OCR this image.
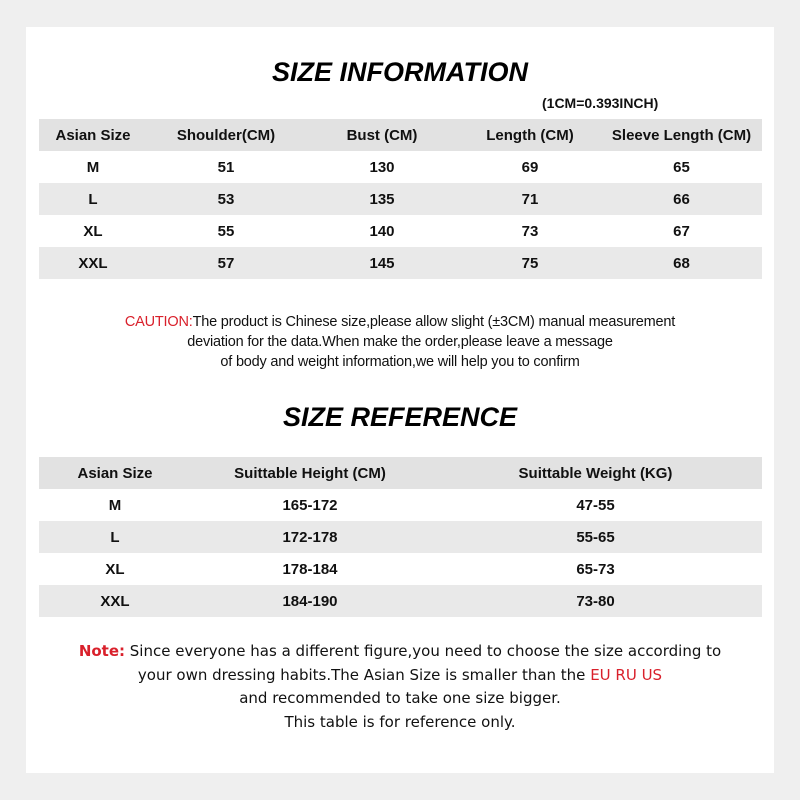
SIZE INFORMATION
(1CM=0.393INCH)
Asian Size	Shoulder(CM)	Bust (CM)	Length (CM)	Sleeve Length (CM)
M	51	130	69	65
L	53	135	71	66
XL	55	140	73	67
XXL	57	145	75	68
CAUTION:The product is Chinese size,please allow slight (±3CM) manual measurement
deviation for the data.When make the order,please leave a message
of body and weight information,we will help you to confirm
SIZE REFERENCE
Asian Size	Suittable Height (CM)	Suittable Weight (KG)
M	165-172	47-55
L	172-178	55-65
XL	178-184	65-73
XXL	184-190	73-80
Note: Since everyone has a different figure,you need to choose the size according to
your own dressing habits.The Asian Size is smaller than the EU RU US
and recommended to take one size bigger.
This table is for reference only.
